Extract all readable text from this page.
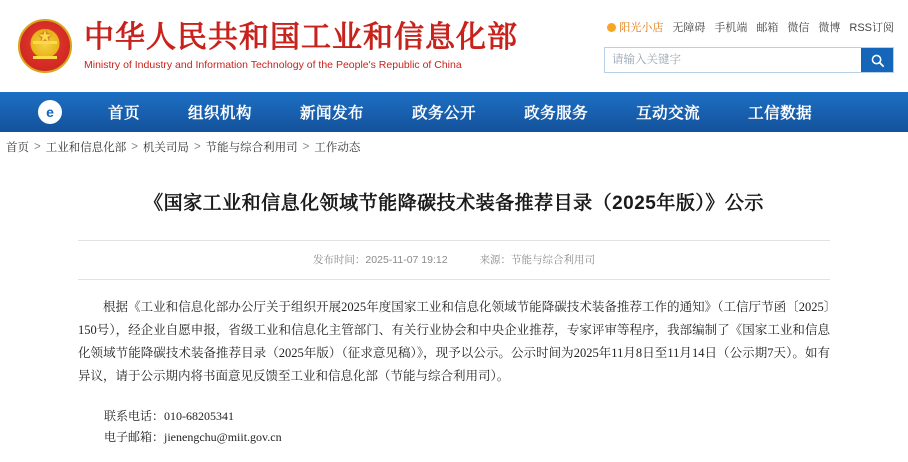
★
中华人民共和国工业和信息化部
Ministry of Industry and Information Technology of the People's Republic of China
阳光小店 无障碍 手机端 邮箱 微信 微博 RSS订阅
请输入关键字
e	首页	组织机构	新闻发布	政务公开	政务服务	互动交流	工信数据
首页 > 工业和信息化部 > 机关司局 > 节能与综合利用司 > 工作动态
《国家工业和信息化领域节能降碳技术装备推荐目录（2025年版）》公示
发布时间：2025-11-07 19:12	来源：节能与综合利用司

根据《工业和信息化部办公厅关于组织开展2025年度国家工业和信息化领域节能降碳技术装备推荐工作的通知》（工信厅节函〔2025〕150号），经企业自愿申报，省级工业和信息化主管部门、有关行业协会和中央企业推荐，专家评审等程序，我部编制了《国家工业和信息化领域节能降碳技术装备推荐目录（2025年版）（征求意见稿）》，现予以公示。公示时间为2025年11月8日至11月14日（公示期7天）。如有异议，请于公示期内将书面意见反馈至工业和信息化部（节能与综合利用司）。

联系电话：010-68205341
电子邮箱：jienengchu@miit.gov.cn
